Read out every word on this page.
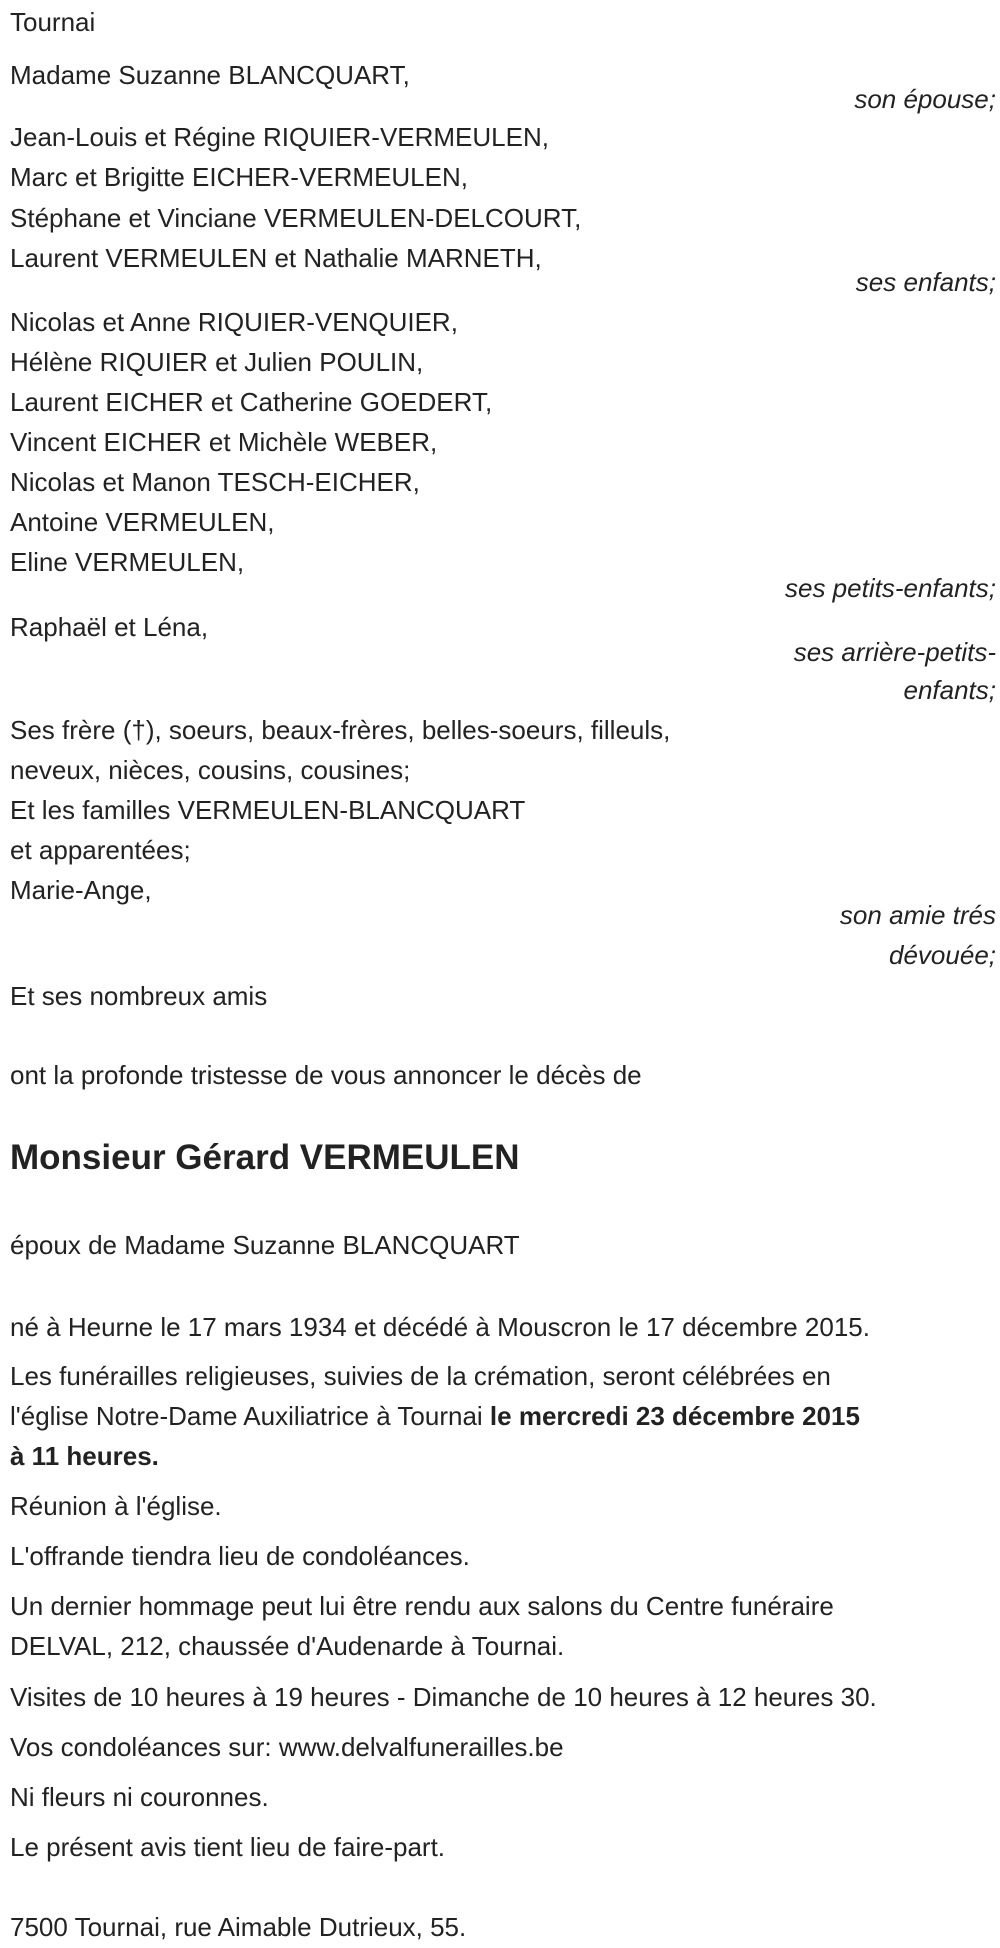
Tournai
Madame Suzanne BLANCQUART,
son épouse;
Jean-Louis et Régine RIQUIER-VERMEULEN,
Marc et Brigitte EICHER-VERMEULEN,
Stéphane et Vinciane VERMEULEN-DELCOURT,
Laurent VERMEULEN et Nathalie MARNETH,
ses enfants;
Nicolas et Anne RIQUIER-VENQUIER,
Hélène RIQUIER et Julien POULIN,
Laurent EICHER et Catherine GOEDERT,
Vincent EICHER et Michèle WEBER,
Nicolas et Manon TESCH-EICHER,
Antoine VERMEULEN,
Eline VERMEULEN,
ses petits-enfants;
Raphaël et Léna,
ses arrière-petits-
enfants;
Ses frère (†), soeurs, beaux-frères, belles-soeurs, filleuls,
neveux, nièces, cousins, cousines;
Et les familles VERMEULEN-BLANCQUART
et apparentées;
Marie-Ange,
son amie trés
dévouée;
Et ses nombreux amis
ont la profonde tristesse de vous annoncer le décès de
Monsieur Gérard VERMEULEN
époux de Madame Suzanne BLANCQUART
né à Heurne le 17 mars 1934 et décédé à Mouscron le 17 décembre 2015.
Les funérailles religieuses, suivies de la crémation, seront célébrées en
l'église Notre-Dame Auxiliatrice à Tournai le mercredi 23 décembre 2015
à 11 heures.
Réunion à l'église.
L'offrande tiendra lieu de condoléances.
Un dernier hommage peut lui être rendu aux salons du Centre funéraire
DELVAL, 212, chaussée d'Audenarde à Tournai.
Visites de 10 heures à 19 heures - Dimanche de 10 heures à 12 heures 30.
Vos condoléances sur: www.delvalfunerailles.be
Ni fleurs ni couronnes.
Le présent avis tient lieu de faire-part.
7500 Tournai, rue Aimable Dutrieux, 55.
